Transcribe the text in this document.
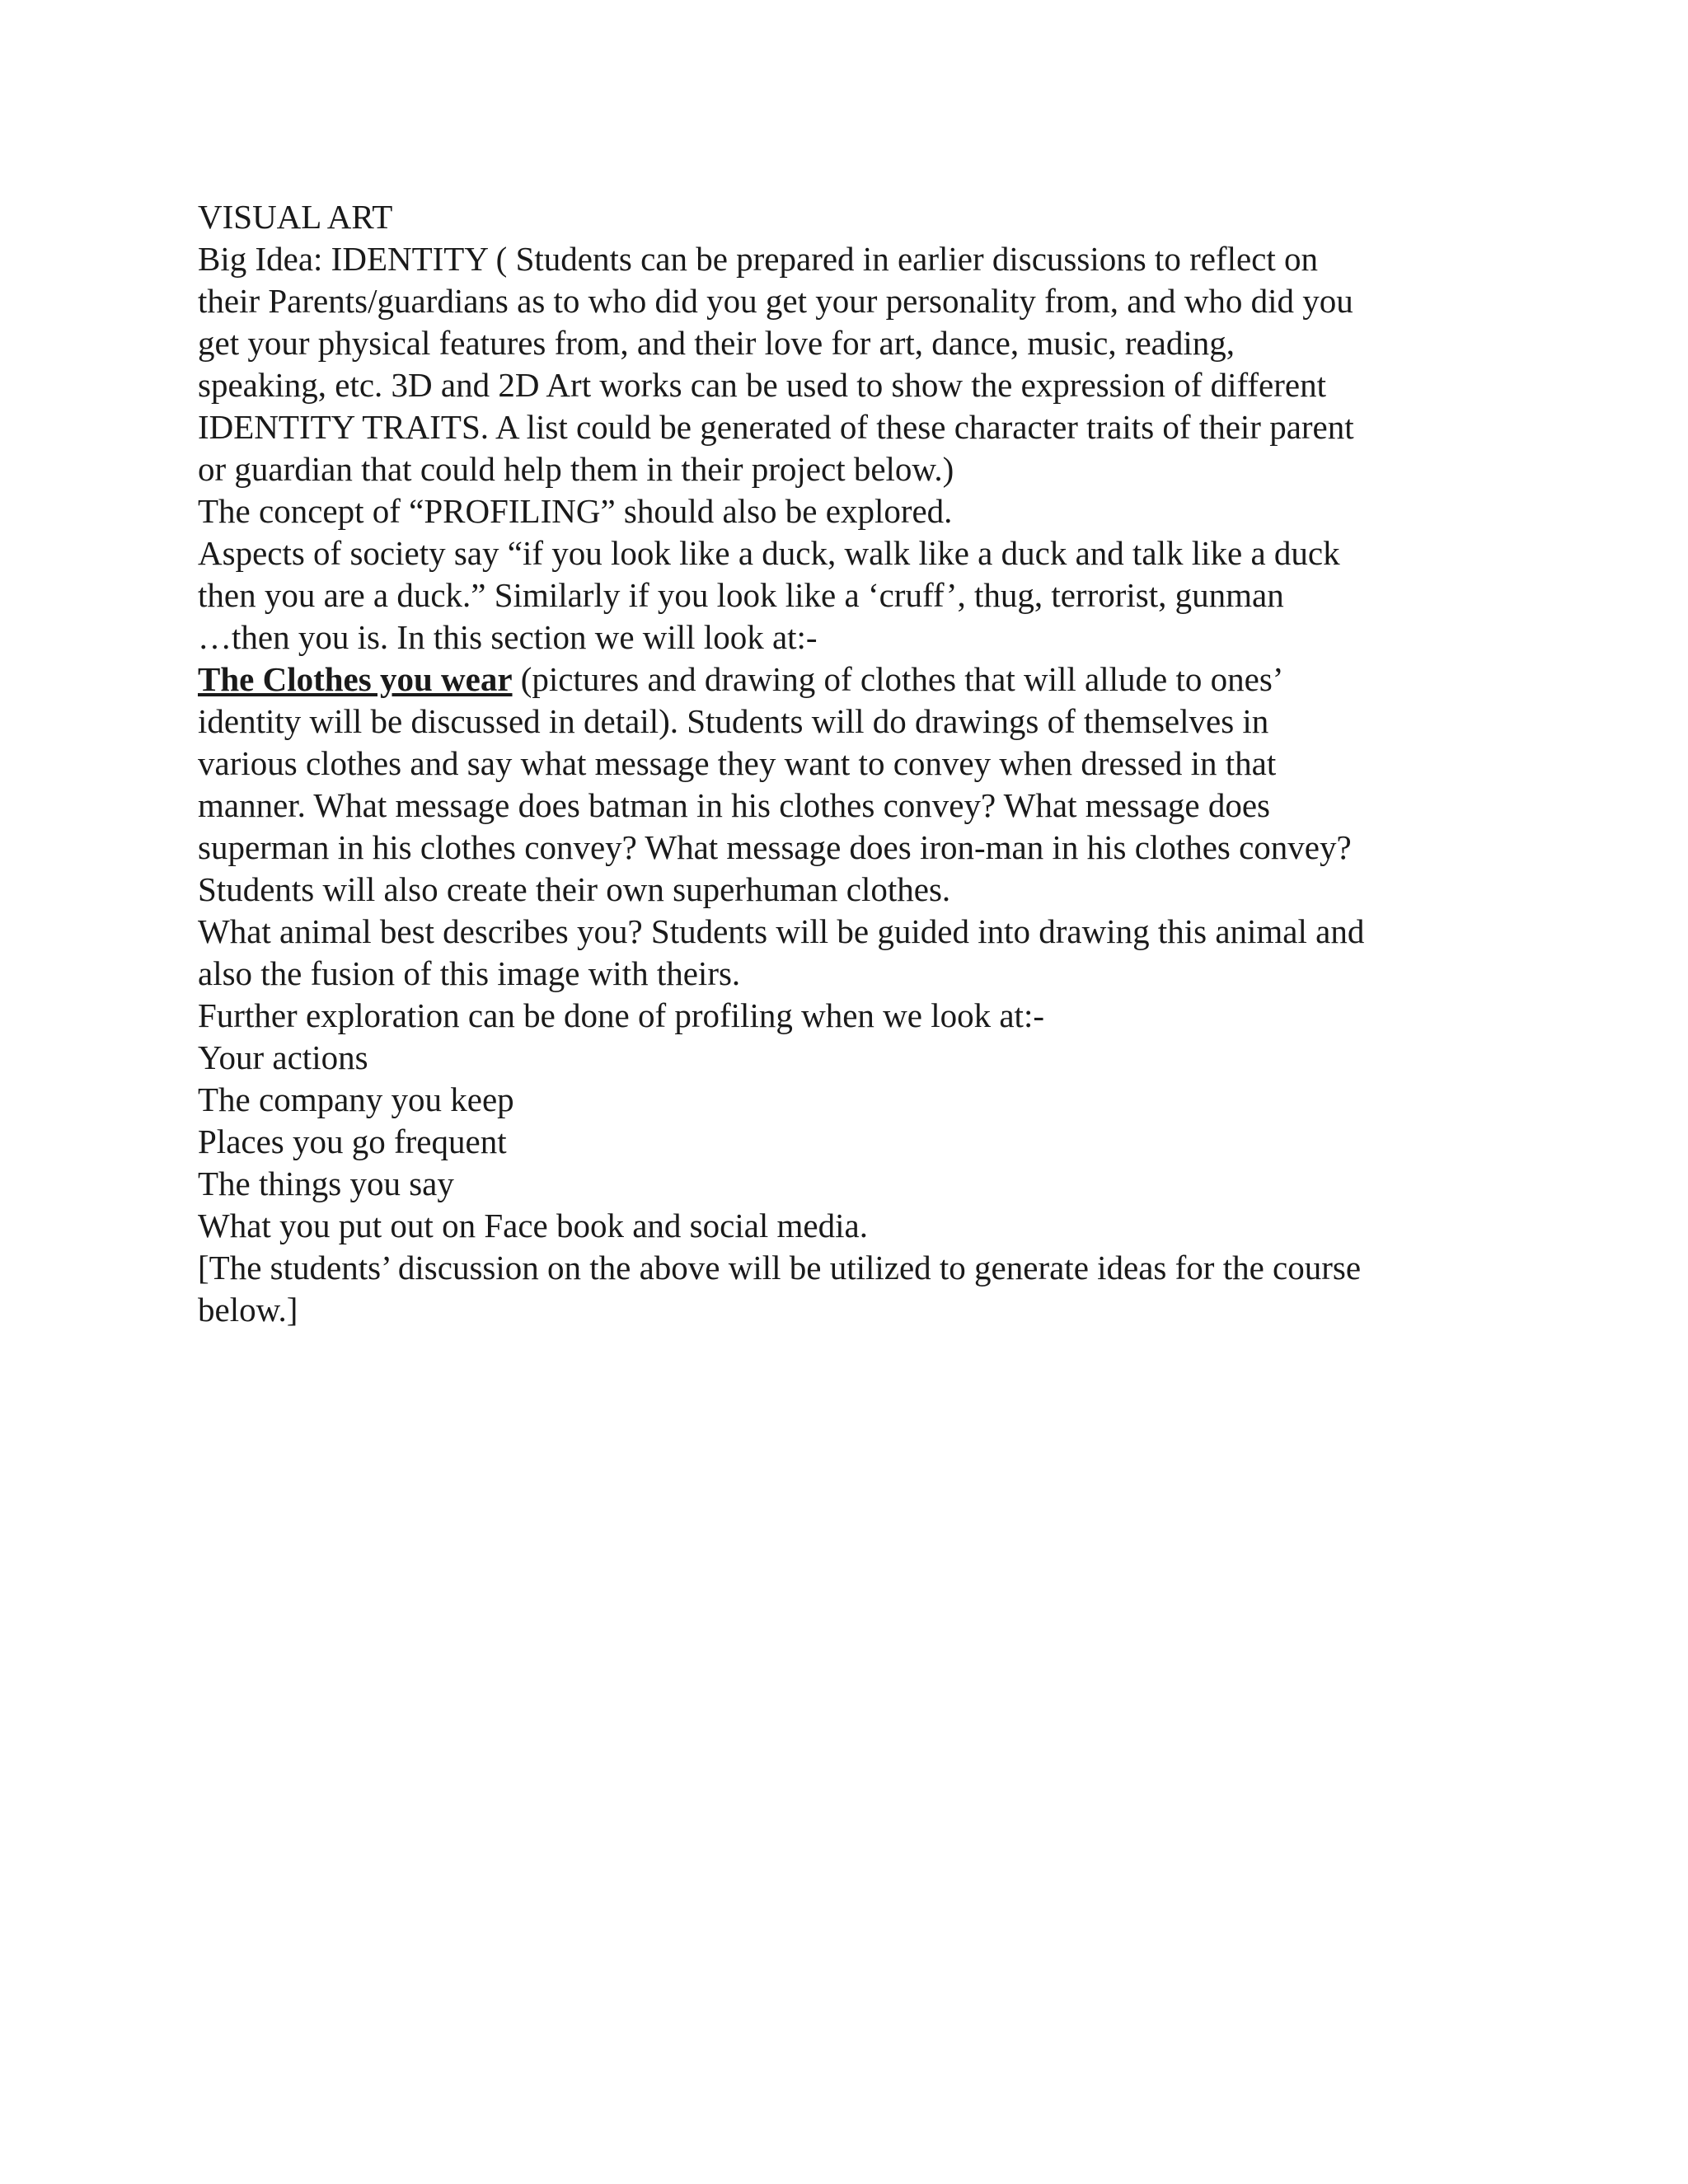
VISUAL ART

Big Idea: IDENTITY ( Students can be prepared in earlier discussions to reflect on
their Parents/guardians as to who did you get your personality from, and who did you
get your physical features from, and their love for art, dance, music, reading,
speaking, etc. 3D and 2D Art works can be used to show the expression of different
IDENTITY TRAITS. A list could be generated of these character traits of their parent
or guardian that could help them in their project below.)

The concept of “PROFILING” should also be explored.

Aspects of society say “if you look like a duck, walk like a duck and talk like a duck
then you are a duck.” Similarly if you look like a ‘cruff’, thug, terrorist, gunman
…then you is. In this section we will look at:-

The Clothes you wear (pictures and drawing of clothes that will allude to ones’
identity will be discussed in detail). Students will do drawings of themselves in
various clothes and say what message they want to convey when dressed in that
manner. What message does batman in his clothes convey? What message does
superman in his clothes convey? What message does iron-man in his clothes convey?
Students will also create their own superhuman clothes.

What animal best describes you? Students will be guided into drawing this animal and
also the fusion of this image with theirs.

Further exploration can be done of profiling when we look at:-

Your actions

The company you keep

Places you go frequent

The things you say

What you put out on Face book and social media.

[The students’ discussion on the above will be utilized to generate ideas for the course
below.]
